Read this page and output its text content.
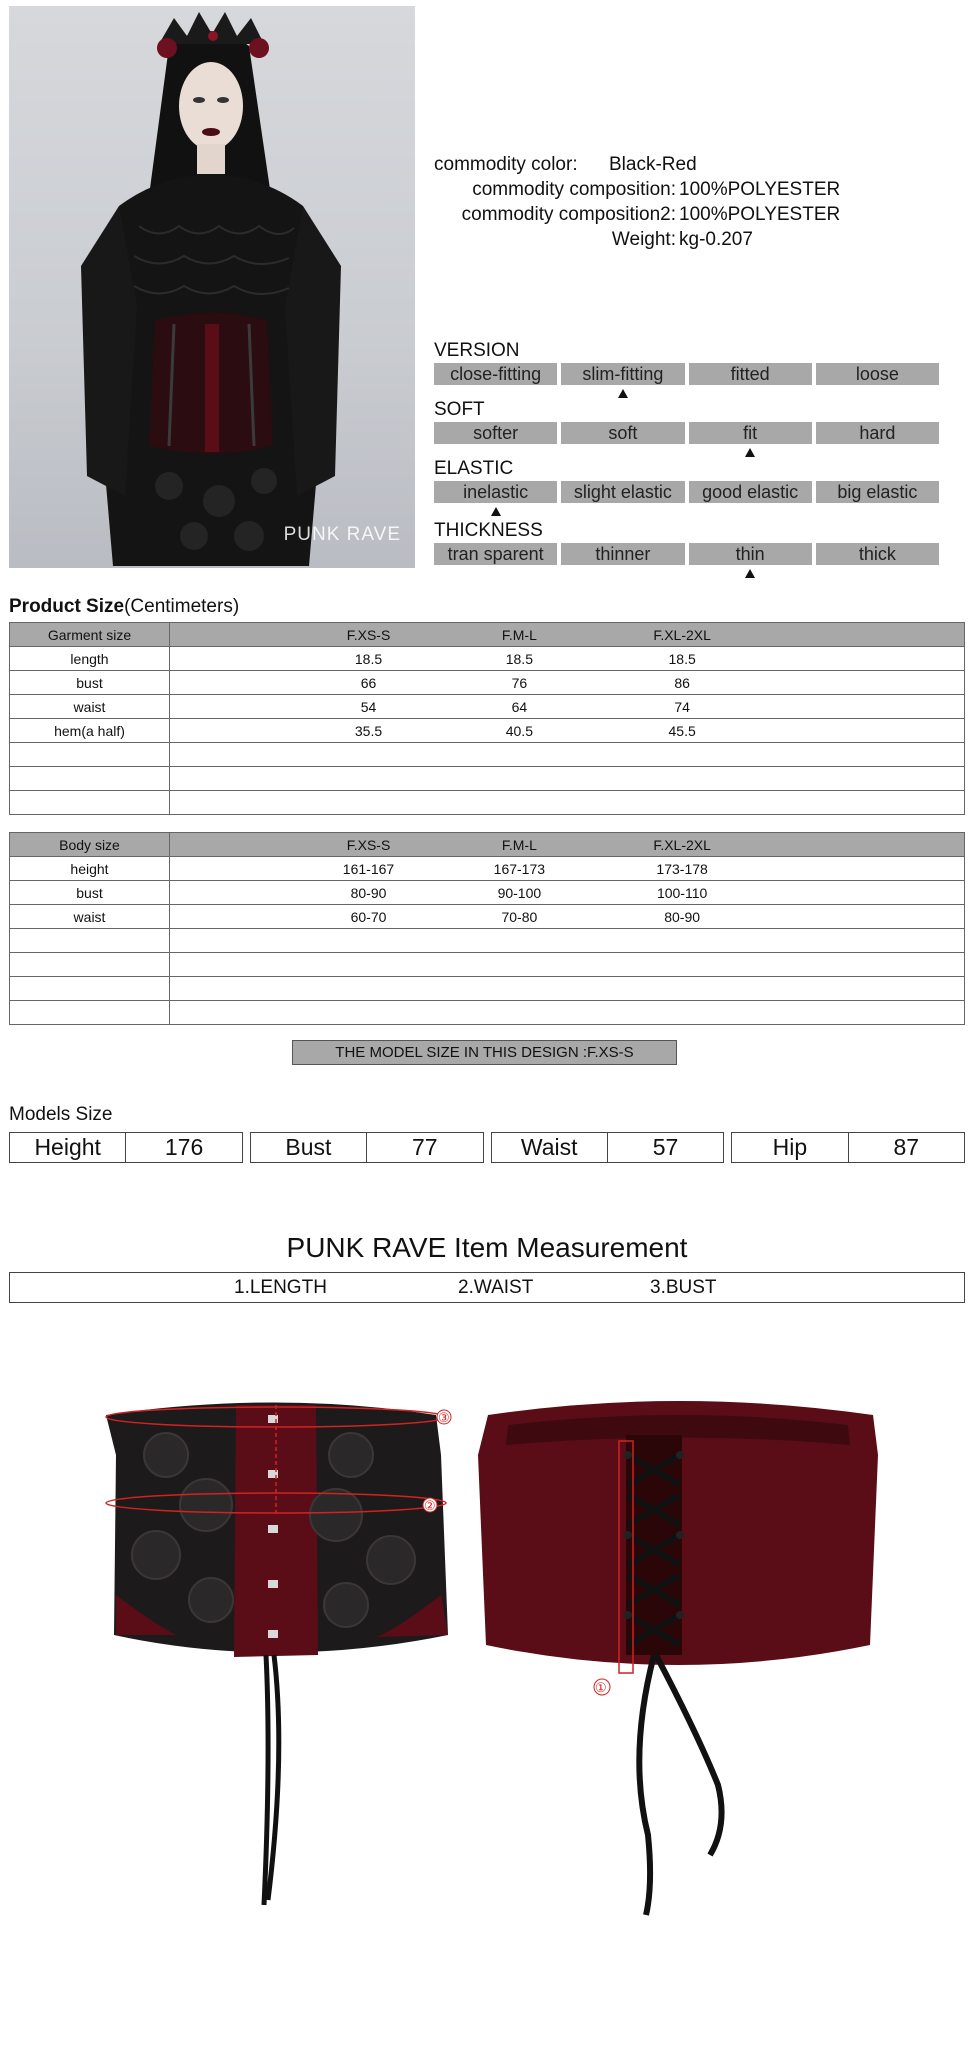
PUNK RAVE
commodity color: Black-Red
commodity composition: 100%POLYESTER
commodity composition2: 100%POLYESTER
Weight: kg-0.207
VERSION
close-fitting	slim-fitting	fitted	loose
SOFT
softer	soft	fit	hard
ELASTIC
inelastic	slight elastic	good elastic	big elastic
THICKNESS
tran sparent	thinner	thin	thick
Product Size(Centimeters)
Garment size	F.XS-S F.M-L F.XL-2XL

length	18.5 18.5 18.5

bust	66 76 86

waist	54 64 74

hem(a half)	35.5 40.5 45.5

Body size	F.XS-S F.M-L F.XL-2XL

height	161-167 167-173 173-178

bust	80-90 90-100 100-110

waist	60-70 70-80 80-90

THE MODEL SIZE IN THIS DESIGN :F.XS-S
Models Size
Height	176	Bust	77	Waist	57	Hip	87
PUNK RAVE Item Measurement
1.LENGTH	2.WAIST	3.BUST
③
②
①
